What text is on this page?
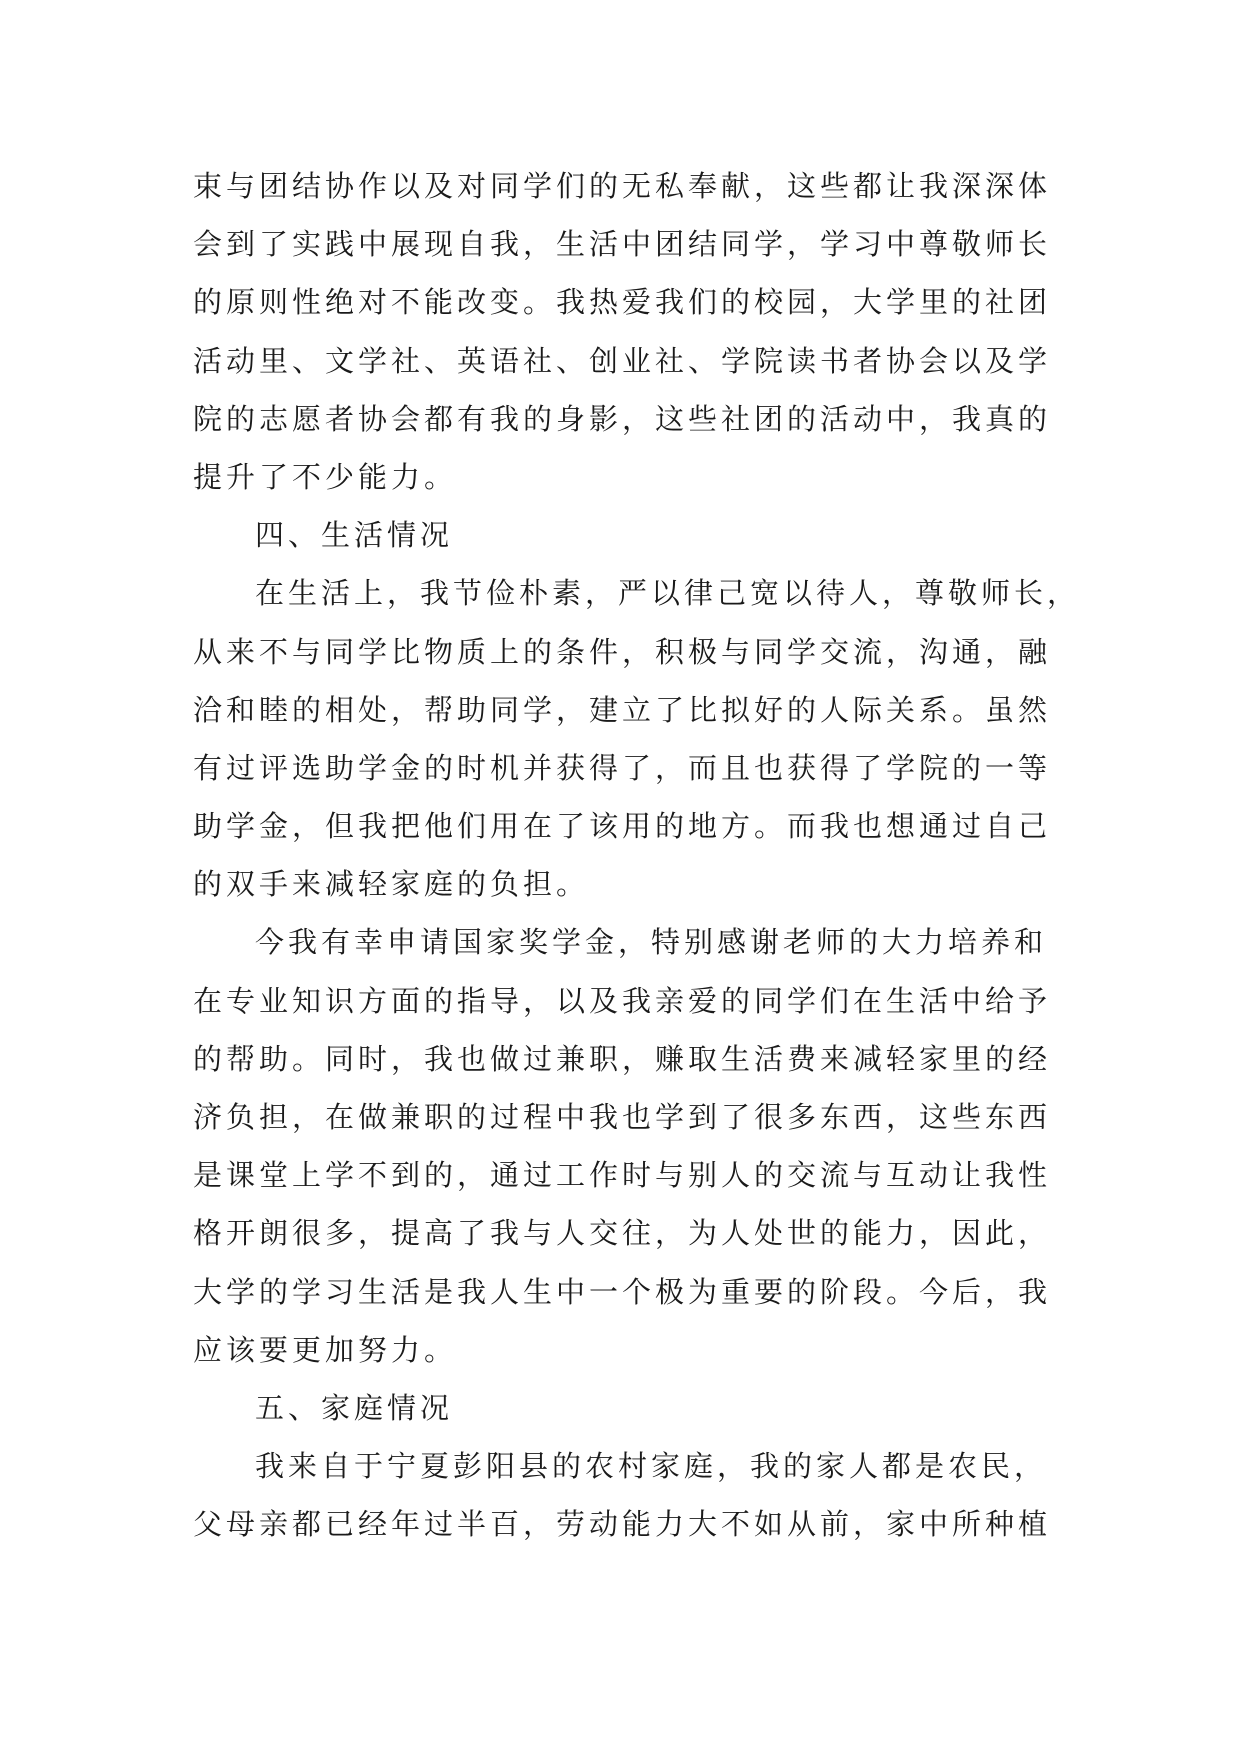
束与团结协作以及对同学们的无私奉献，这些都让我深深体
会到了实践中展现自我，生活中团结同学，学习中尊敬师长
的原则性绝对不能改变。我热爱我们的校园，大学里的社团
活动里、文学社、英语社、创业社、学院读书者协会以及学
院的志愿者协会都有我的身影，这些社团的活动中，我真的
提升了不少能力。
四、生活情况
在生活上，我节俭朴素，严以律己宽以待人，尊敬师长，
从来不与同学比物质上的条件，积极与同学交流，沟通，融
洽和睦的相处，帮助同学，建立了比拟好的人际关系。虽然
有过评选助学金的时机并获得了，而且也获得了学院的一等
助学金，但我把他们用在了该用的地方。而我也想通过自己
的双手来减轻家庭的负担。
今我有幸申请国家奖学金，特别感谢老师的大力培养和
在专业知识方面的指导，以及我亲爱的同学们在生活中给予
的帮助。同时，我也做过兼职，赚取生活费来减轻家里的经
济负担，在做兼职的过程中我也学到了很多东西，这些东西
是课堂上学不到的，通过工作时与别人的交流与互动让我性
格开朗很多，提高了我与人交往，为人处世的能力，因此，
大学的学习生活是我人生中一个极为重要的阶段。今后，我
应该要更加努力。
五、家庭情况
我来自于宁夏彭阳县的农村家庭，我的家人都是农民，
父母亲都已经年过半百，劳动能力大不如从前，家中所种植
